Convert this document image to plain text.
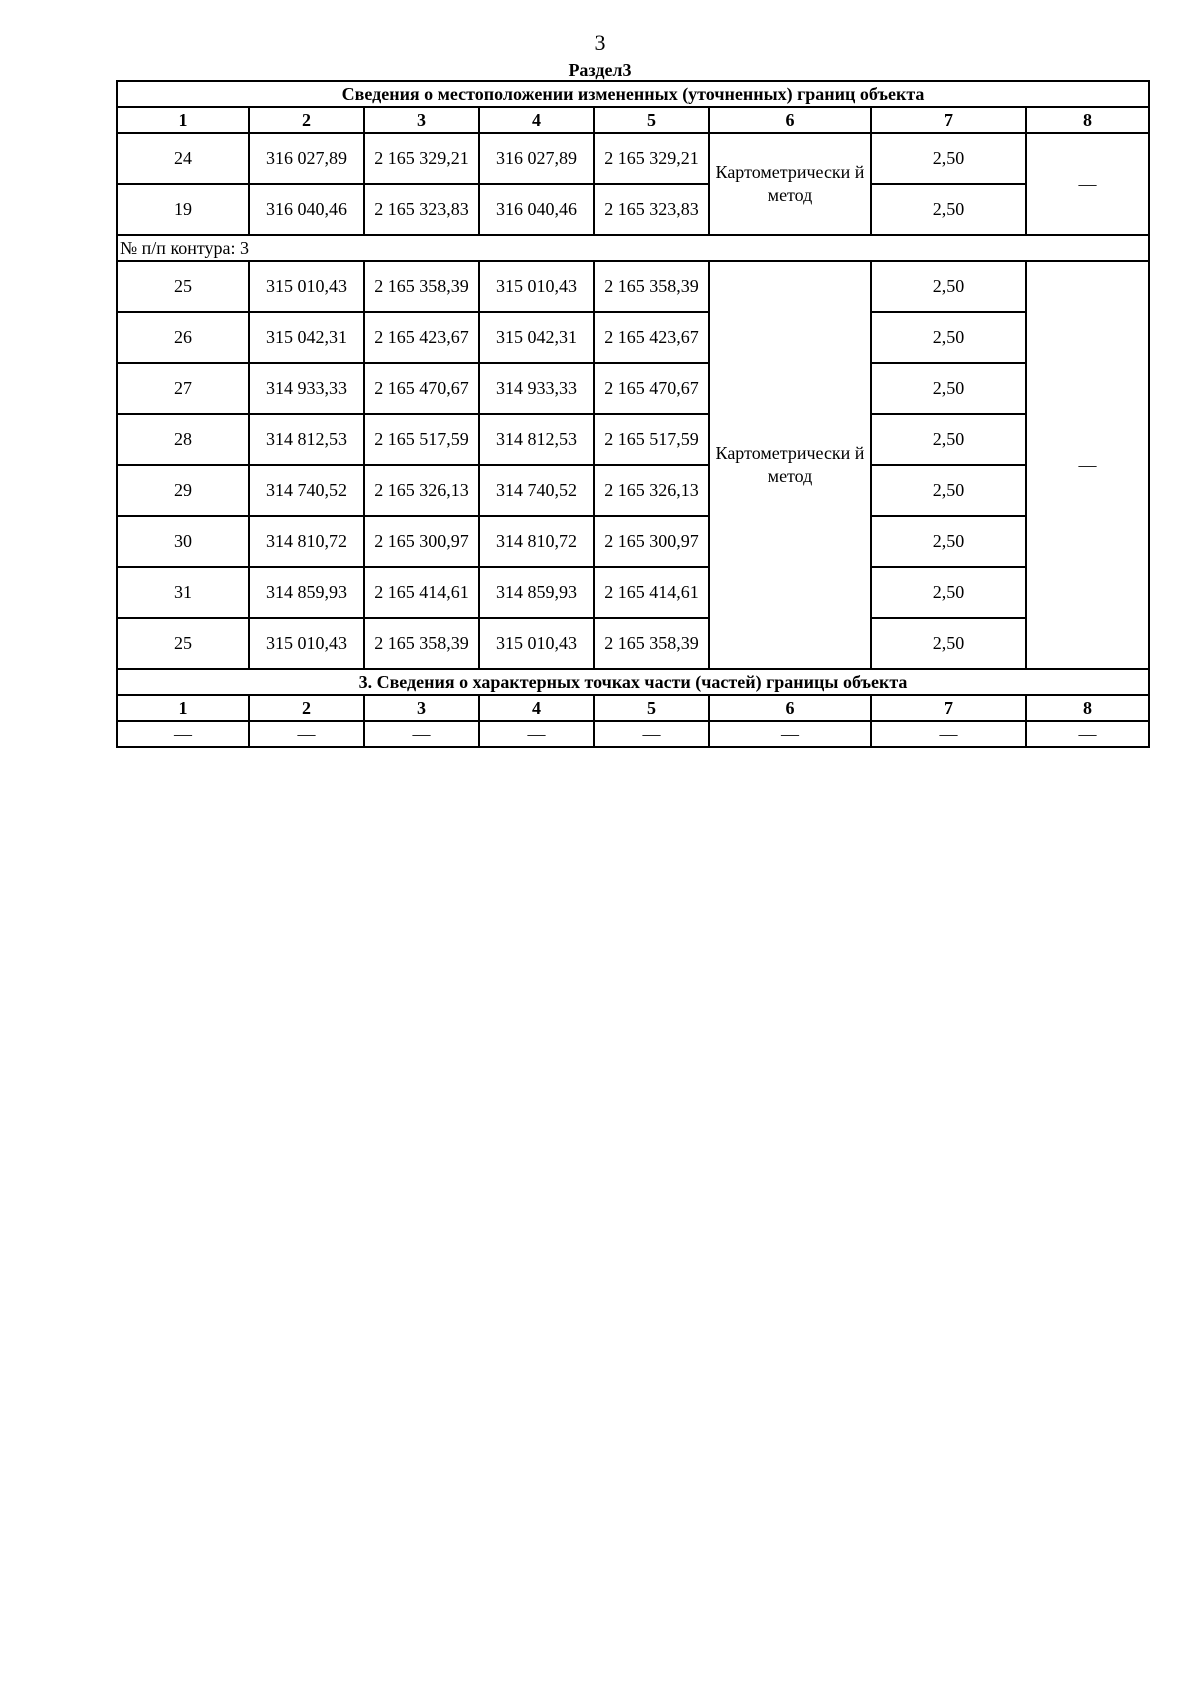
3
Раздел3
Сведения о местоположении измененных (уточненных) границ объекта							
1	2	3	4	5	6	7	8
24	316 027,89	2 165 329,21	316 027,89	2 165 329,21	Картометрически й метод	2,50	—
19	316 040,46	2 165 323,83	316 040,46	2 165 323,83		2,50	
№ п/п контура: 3							
25	315 010,43	2 165 358,39	315 010,43	2 165 358,39	Картометрически й метод	2,50	—
26	315 042,31	2 165 423,67	315 042,31	2 165 423,67		2,50	
27	314 933,33	2 165 470,67	314 933,33	2 165 470,67		2,50	
28	314 812,53	2 165 517,59	314 812,53	2 165 517,59		2,50	
29	314 740,52	2 165 326,13	314 740,52	2 165 326,13		2,50	
30	314 810,72	2 165 300,97	314 810,72	2 165 300,97		2,50	
31	314 859,93	2 165 414,61	314 859,93	2 165 414,61		2,50	
25	315 010,43	2 165 358,39	315 010,43	2 165 358,39		2,50	
3. Сведения о характерных точках части (частей) границы объекта							
1	2	3	4	5	6	7	8
—	—	—	—	—	—	—	—
